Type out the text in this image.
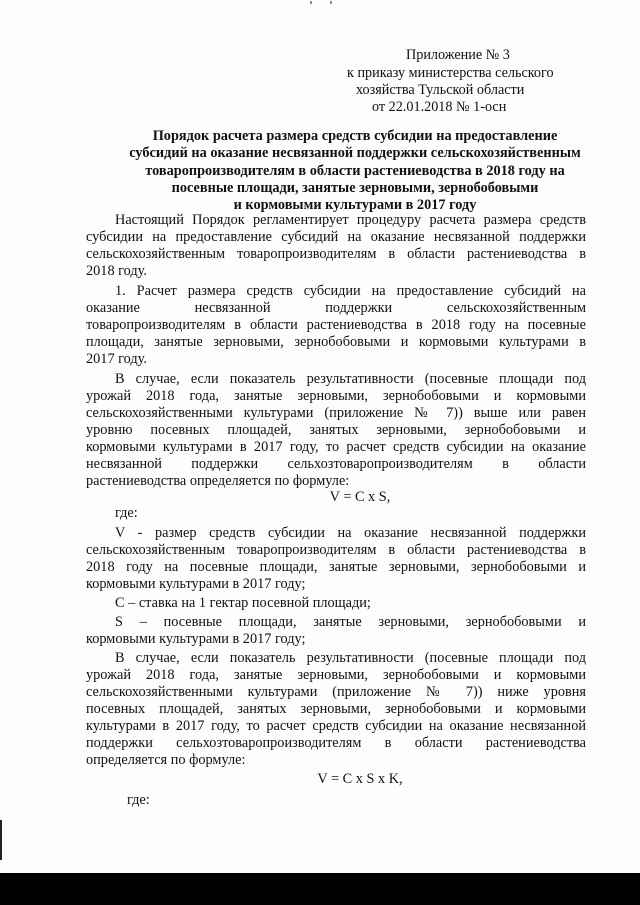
Приложение № 3
к приказу министерства сельского
хозяйства Тульской области
от 22.01.2018 № 1-осн
Порядок расчета размера средств субсидии на предоставление
субсидий на оказание несвязанной поддержки сельскохозяйственным
товаропроизводителям в области растениеводства в 2018 году на
посевные площади, занятые зерновыми, зернобобовыми
и кормовыми культурами в 2017 году
Настоящий Порядок регламентирует процедуру расчета размера средств
субсидии на предоставление субсидий на оказание несвязанной поддержки
сельскохозяйственным товаропроизводителям в области растениеводства в
2018 году.
1. Расчет размера средств субсидии на предоставление субсидий на
оказание несвязанной поддержки сельскохозяйственным
товаропроизводителям в области растениеводства в 2018 году на посевные
площади, занятые зерновыми, зернобобовыми и кормовыми культурами в
2017 году.
В случае, если показатель результативности (посевные площади под
урожай 2018 года, занятые зерновыми, зернобобовыми и кормовыми
сельскохозяйственными культурами (приложение № 7)) выше или равен
уровню посевных площадей, занятых зерновыми, зернобобовыми и
кормовыми культурами в 2017 году, то расчет средств субсидии на оказание
несвязанной поддержки сельхозтоваропроизводителям в области
растениеводства определяется по формуле:
V = C x S,
где:
V - размер средств субсидии на оказание несвязанной поддержки
сельскохозяйственным товаропроизводителям в области растениеводства в
2018 году на посевные площади, занятые зерновыми, зернобобовыми и
кормовыми культурами в 2017 году;
С – ставка на 1 гектар посевной площади;
S – посевные площади, занятые зерновыми, зернобобовыми и
кормовыми культурами в 2017 году;
В случае, если показатель результативности (посевные площади под
урожай 2018 года, занятые зерновыми, зернобобовыми и кормовыми
сельскохозяйственными культурами (приложение № 7)) ниже уровня
посевных площадей, занятых зерновыми, зернобобовыми и кормовыми
культурами в 2017 году, то расчет средств субсидии на оказание несвязанной
поддержки сельхозтоваропроизводителям в области растениеводства
определяется по формуле:
V = C x S x K,
где:
